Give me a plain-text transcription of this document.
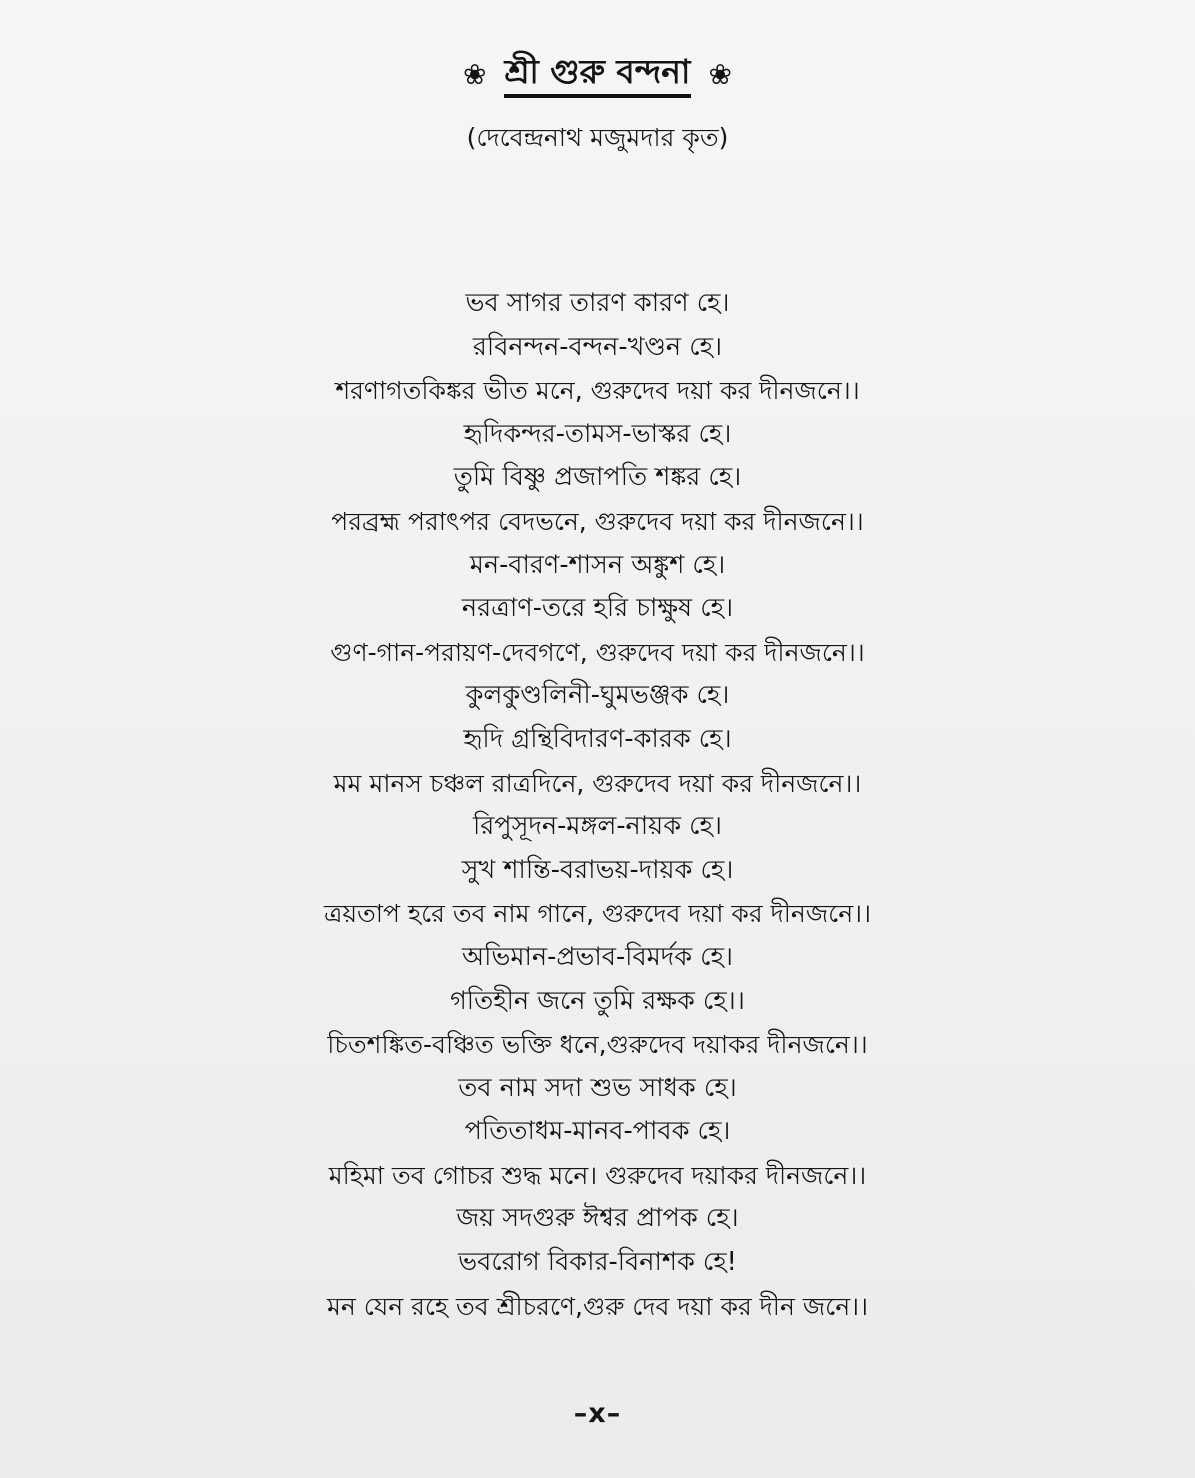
❀ শ্রী গুরু বন্দনা ❀
(দেবেন্দ্রনাথ মজুমদার কৃত)
ভব সাগর তারণ কারণ হে।
রবিনন্দন-বন্দন-খণ্ডন হে।
শরণাগতকিঙ্কর ভীত মনে, গুরুদেব দয়া কর দীনজনে।।
হৃদিকন্দর-তামস-ভাস্কর হে।
তুমি বিষ্ণু প্রজাপতি শঙ্কর হে।
পরব্রহ্ম পরাৎপর বেদভনে, গুরুদেব দয়া কর দীনজনে।।
মন-বারণ-শাসন অঙ্কুশ হে।
নরত্রাণ-তরে হরি চাক্ষুষ হে।
গুণ-গান-পরায়ণ-দেবগণে, গুরুদেব দয়া কর দীনজনে।।
কুলকুণ্ডলিনী-ঘুমভঞ্জক হে।
হৃদি গ্রন্থিবিদারণ-কারক হে।
মম মানস চঞ্চল রাত্রদিনে, গুরুদেব দয়া কর দীনজনে।।
রিপুসূদন-মঙ্গল-নায়ক হে।
সুখ শান্তি-বরাভয়-দায়ক হে।
ত্রয়তাপ হরে তব নাম গানে, গুরুদেব দয়া কর দীনজনে।।
অভিমান-প্রভাব-বিমর্দক হে।
গতিহীন জনে তুমি রক্ষক হে।।
চিতশঙ্কিত-বঞ্চিত ভক্তি ধনে,গুরুদেব দয়াকর দীনজনে।।
তব নাম সদা শুভ সাধক হে।
পতিতাধম-মানব-পাবক হে।
মহিমা তব গোচর শুদ্ধ মনে। গুরুদেব দয়াকর দীনজনে।।
জয় সদগুরু ঈশ্বর প্রাপক হে।
ভবরোগ বিকার-বিনাশক হে!
মন যেন রহে তব শ্রীচরণে,গুরু দেব দয়া কর দীন জনে।।
–x–
